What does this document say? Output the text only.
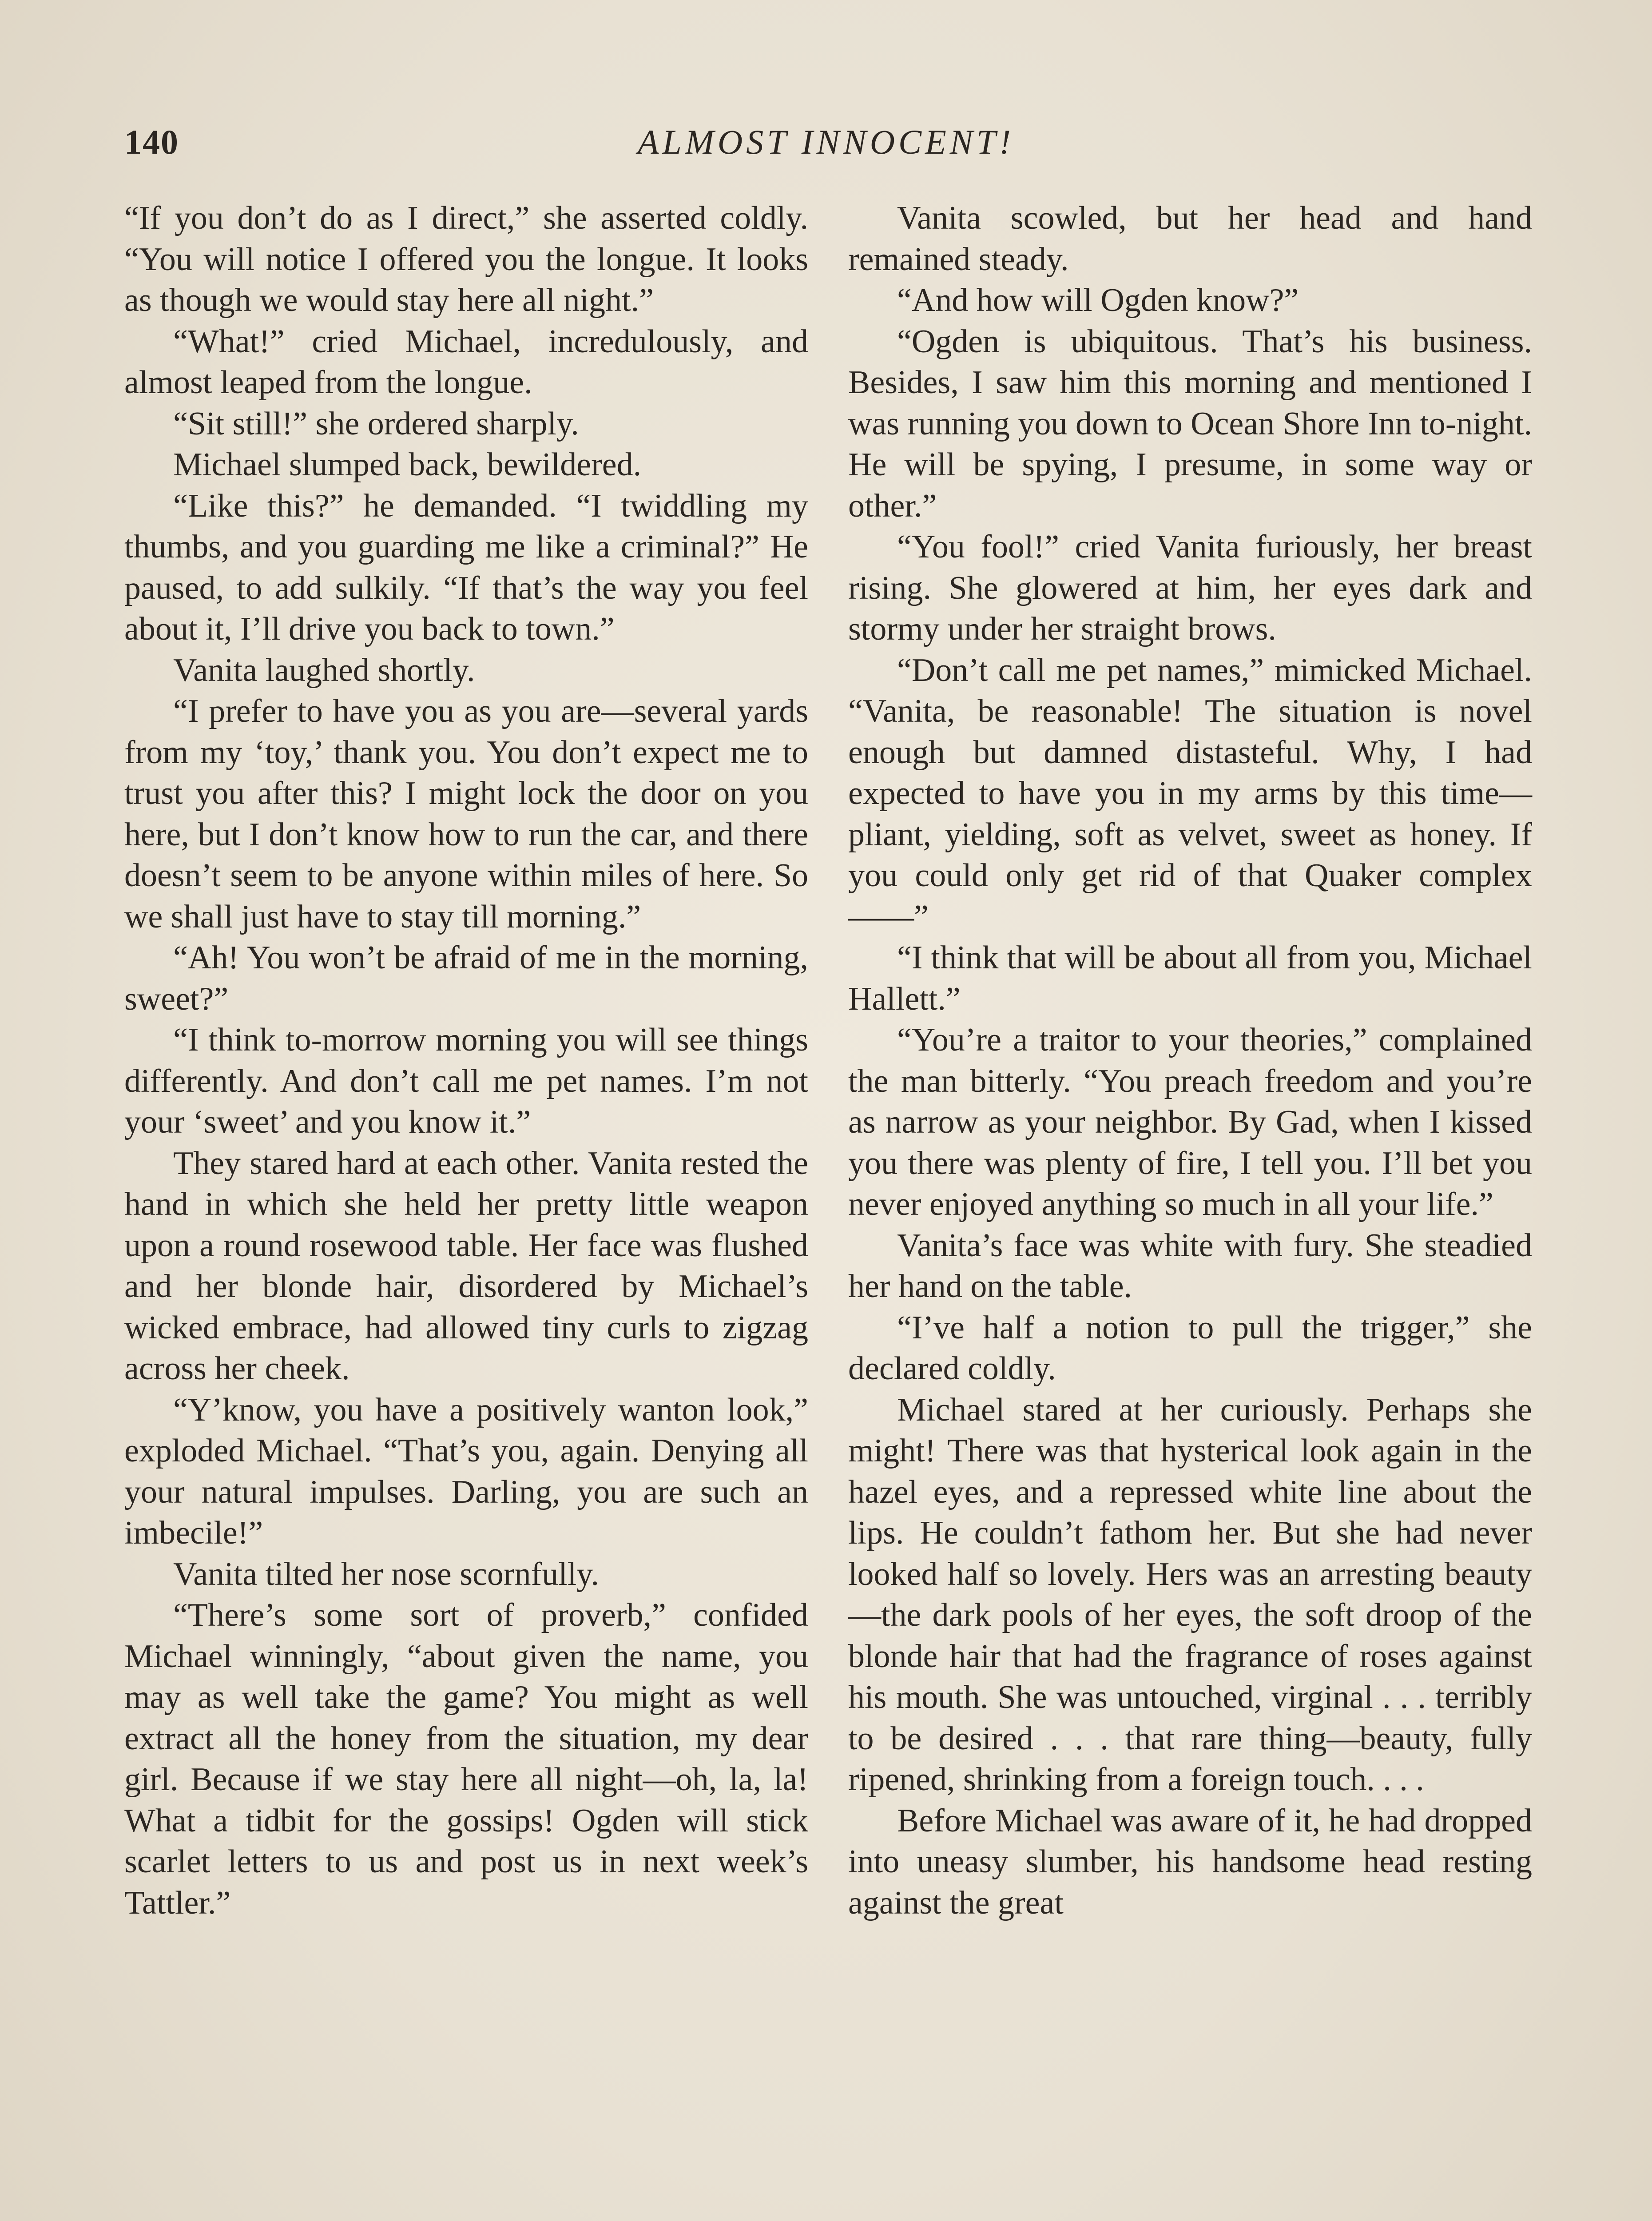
140	ALMOST INNOCENT!

“If you don’t do as I direct,” she asserted coldly. “You will notice I offered you the longue. It looks as though we would stay here all night.”

“What!” cried Michael, incredulously, and almost leaped from the longue.

“Sit still!” she ordered sharply.

Michael slumped back, bewildered.

“Like this?” he demanded. “I twiddling my thumbs, and you guarding me like a criminal?” He paused, to add sulkily. “If that’s the way you feel about it, I’ll drive you back to town.”

Vanita laughed shortly.

“I prefer to have you as you are—several yards from my ‘toy,’ thank you. You don’t expect me to trust you after this? I might lock the door on you here, but I don’t know how to run the car, and there doesn’t seem to be anyone within miles of here. So we shall just have to stay till morning.”

“Ah! You won’t be afraid of me in the morning, sweet?”

“I think to-morrow morning you will see things differently. And don’t call me pet names. I’m not your ‘sweet’ and you know it.”

They stared hard at each other. Vanita rested the hand in which she held her pretty little weapon upon a round rosewood table. Her face was flushed and her blonde hair, disordered by Michael’s wicked embrace, had allowed tiny curls to zigzag across her cheek.

“Y’know, you have a positively wanton look,” exploded Michael. “That’s you, again. Denying all your natural impulses. Darling, you are such an imbecile!”

Vanita tilted her nose scornfully.

“There’s some sort of proverb,” confided Michael winningly, “about given the name, you may as well take the game? You might as well extract all the honey from the situation, my dear girl. Because if we stay here all night—oh, la, la! What a tidbit for the gossips! Ogden will stick scarlet letters to us and post us in next week’s Tattler.”

Vanita scowled, but her head and hand remained steady.

“And how will Ogden know?”

“Ogden is ubiquitous. That’s his business. Besides, I saw him this morning and mentioned I was running you down to Ocean Shore Inn to-night. He will be spying, I presume, in some way or other.”

“You fool!” cried Vanita furiously, her breast rising. She glowered at him, her eyes dark and stormy under her straight brows.

“Don’t call me pet names,” mimicked Michael. “Vanita, be reasonable! The situation is novel enough but damned distasteful. Why, I had expected to have you in my arms by this time—pliant, yielding, soft as velvet, sweet as honey. If you could only get rid of that Quaker complex——”

“I think that will be about all from you, Michael Hallett.”

“You’re a traitor to your theories,” complained the man bitterly. “You preach freedom and you’re as narrow as your neighbor. By Gad, when I kissed you there was plenty of fire, I tell you. I’ll bet you never enjoyed anything so much in all your life.”

Vanita’s face was white with fury. She steadied her hand on the table.

“I’ve half a notion to pull the trigger,” she declared coldly.

Michael stared at her curiously. Perhaps she might! There was that hysterical look again in the hazel eyes, and a repressed white line about the lips. He couldn’t fathom her. But she had never looked half so lovely. Hers was an arresting beauty—the dark pools of her eyes, the soft droop of the blonde hair that had the fragrance of roses against his mouth. She was untouched, virginal . . . terribly to be desired . . . that rare thing—beauty, fully ripened, shrinking from a foreign touch. . . .

Before Michael was aware of it, he had dropped into uneasy slumber, his handsome head resting against the great
